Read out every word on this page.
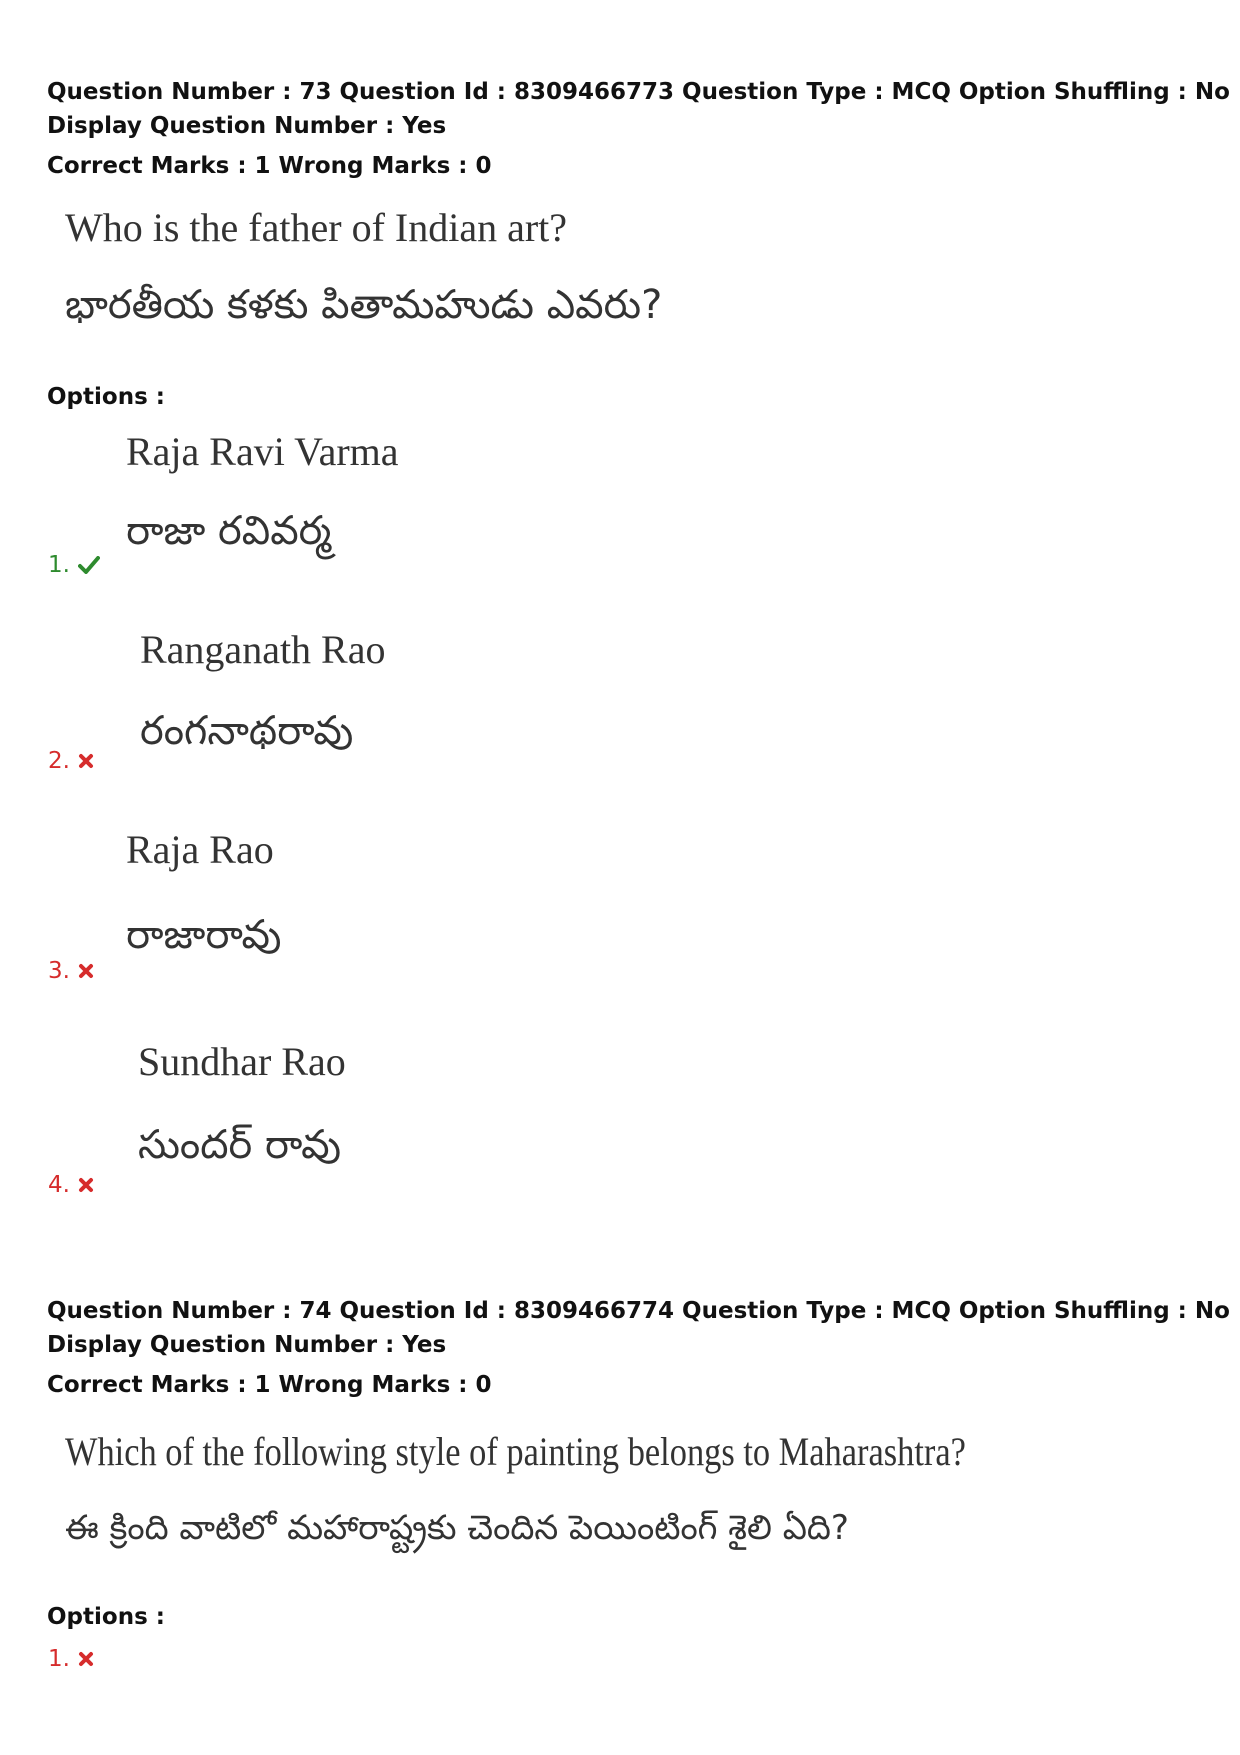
Question Number : 73 Question Id : 8309466773 Question Type : MCQ Option Shuffling : No
Display Question Number : Yes
Correct Marks : 1 Wrong Marks : 0
Who is the father of Indian art?
భారతీయ కళకు పితామహుడు ఎవరు?
Options :
Raja Ravi Varma
రాజా రవివర్మ
1.
Ranganath Rao
రంగనాథరావు
2.
Raja Rao
రాజారావు
3.
Sundhar Rao
సుందర్ రావు
4.
Question Number : 74 Question Id : 8309466774 Question Type : MCQ Option Shuffling : No
Display Question Number : Yes
Correct Marks : 1 Wrong Marks : 0
Which of the following style of painting belongs to Maharashtra?
ఈ క్రింది వాటిలో మహారాష్ట్రకు చెందిన పెయింటింగ్ శైలి ఏది?
Options :
1.
